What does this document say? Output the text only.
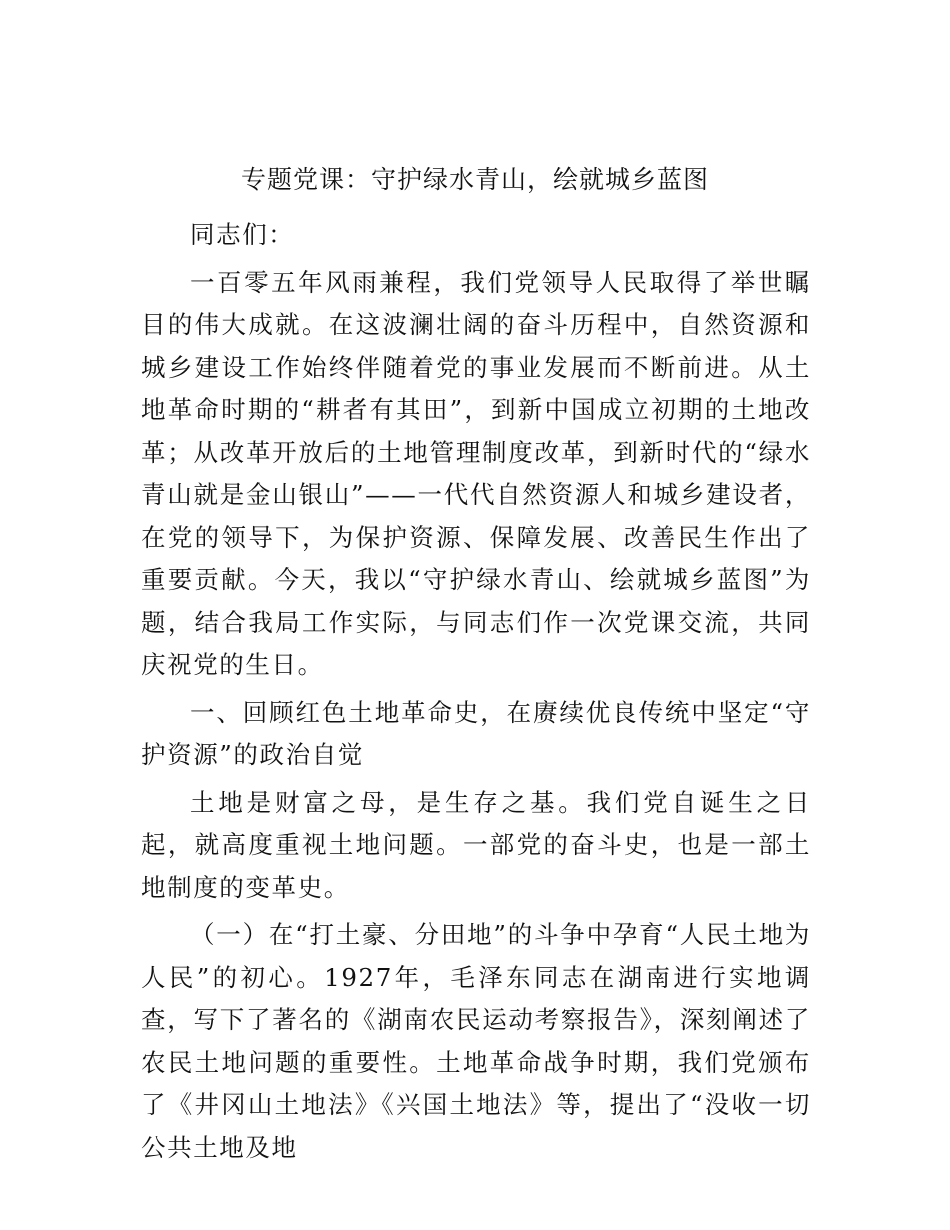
专题党课：守护绿水青山，绘就城乡蓝图

同志们：

一百零五年风雨兼程，我们党领导人民取得了举世瞩目的伟大成就。在这波澜壮阔的奋斗历程中，自然资源和城乡建设工作始终伴随着党的事业发展而不断前进。从土地革命时期的“耕者有其田”，到新中国成立初期的土地改革；从改革开放后的土地管理制度改革，到新时代的“绿水青山就是金山银山”——一代代自然资源人和城乡建设者，在党的领导下，为保护资源、保障发展、改善民生作出了重要贡献。今天，我以“守护绿水青山、绘就城乡蓝图”为题，结合我局工作实际，与同志们作一次党课交流，共同庆祝党的生日。

一、回顾红色土地革命史，在赓续优良传统中坚定“守护资源”的政治自觉

土地是财富之母，是生存之基。我们党自诞生之日起，就高度重视土地问题。一部党的奋斗史，也是一部土地制度的变革史。

（一）在“打土豪、分田地”的斗争中孕育“人民土地为人民”的初心。1927年，毛泽东同志在湖南进行实地调查，写下了著名的《湖南农民运动考察报告》，深刻阐述了农民土地问题的重要性。土地革命战争时期，我们党颁布了《井冈山土地法》《兴国土地法》等，提出了“没收一切公共土地及地
